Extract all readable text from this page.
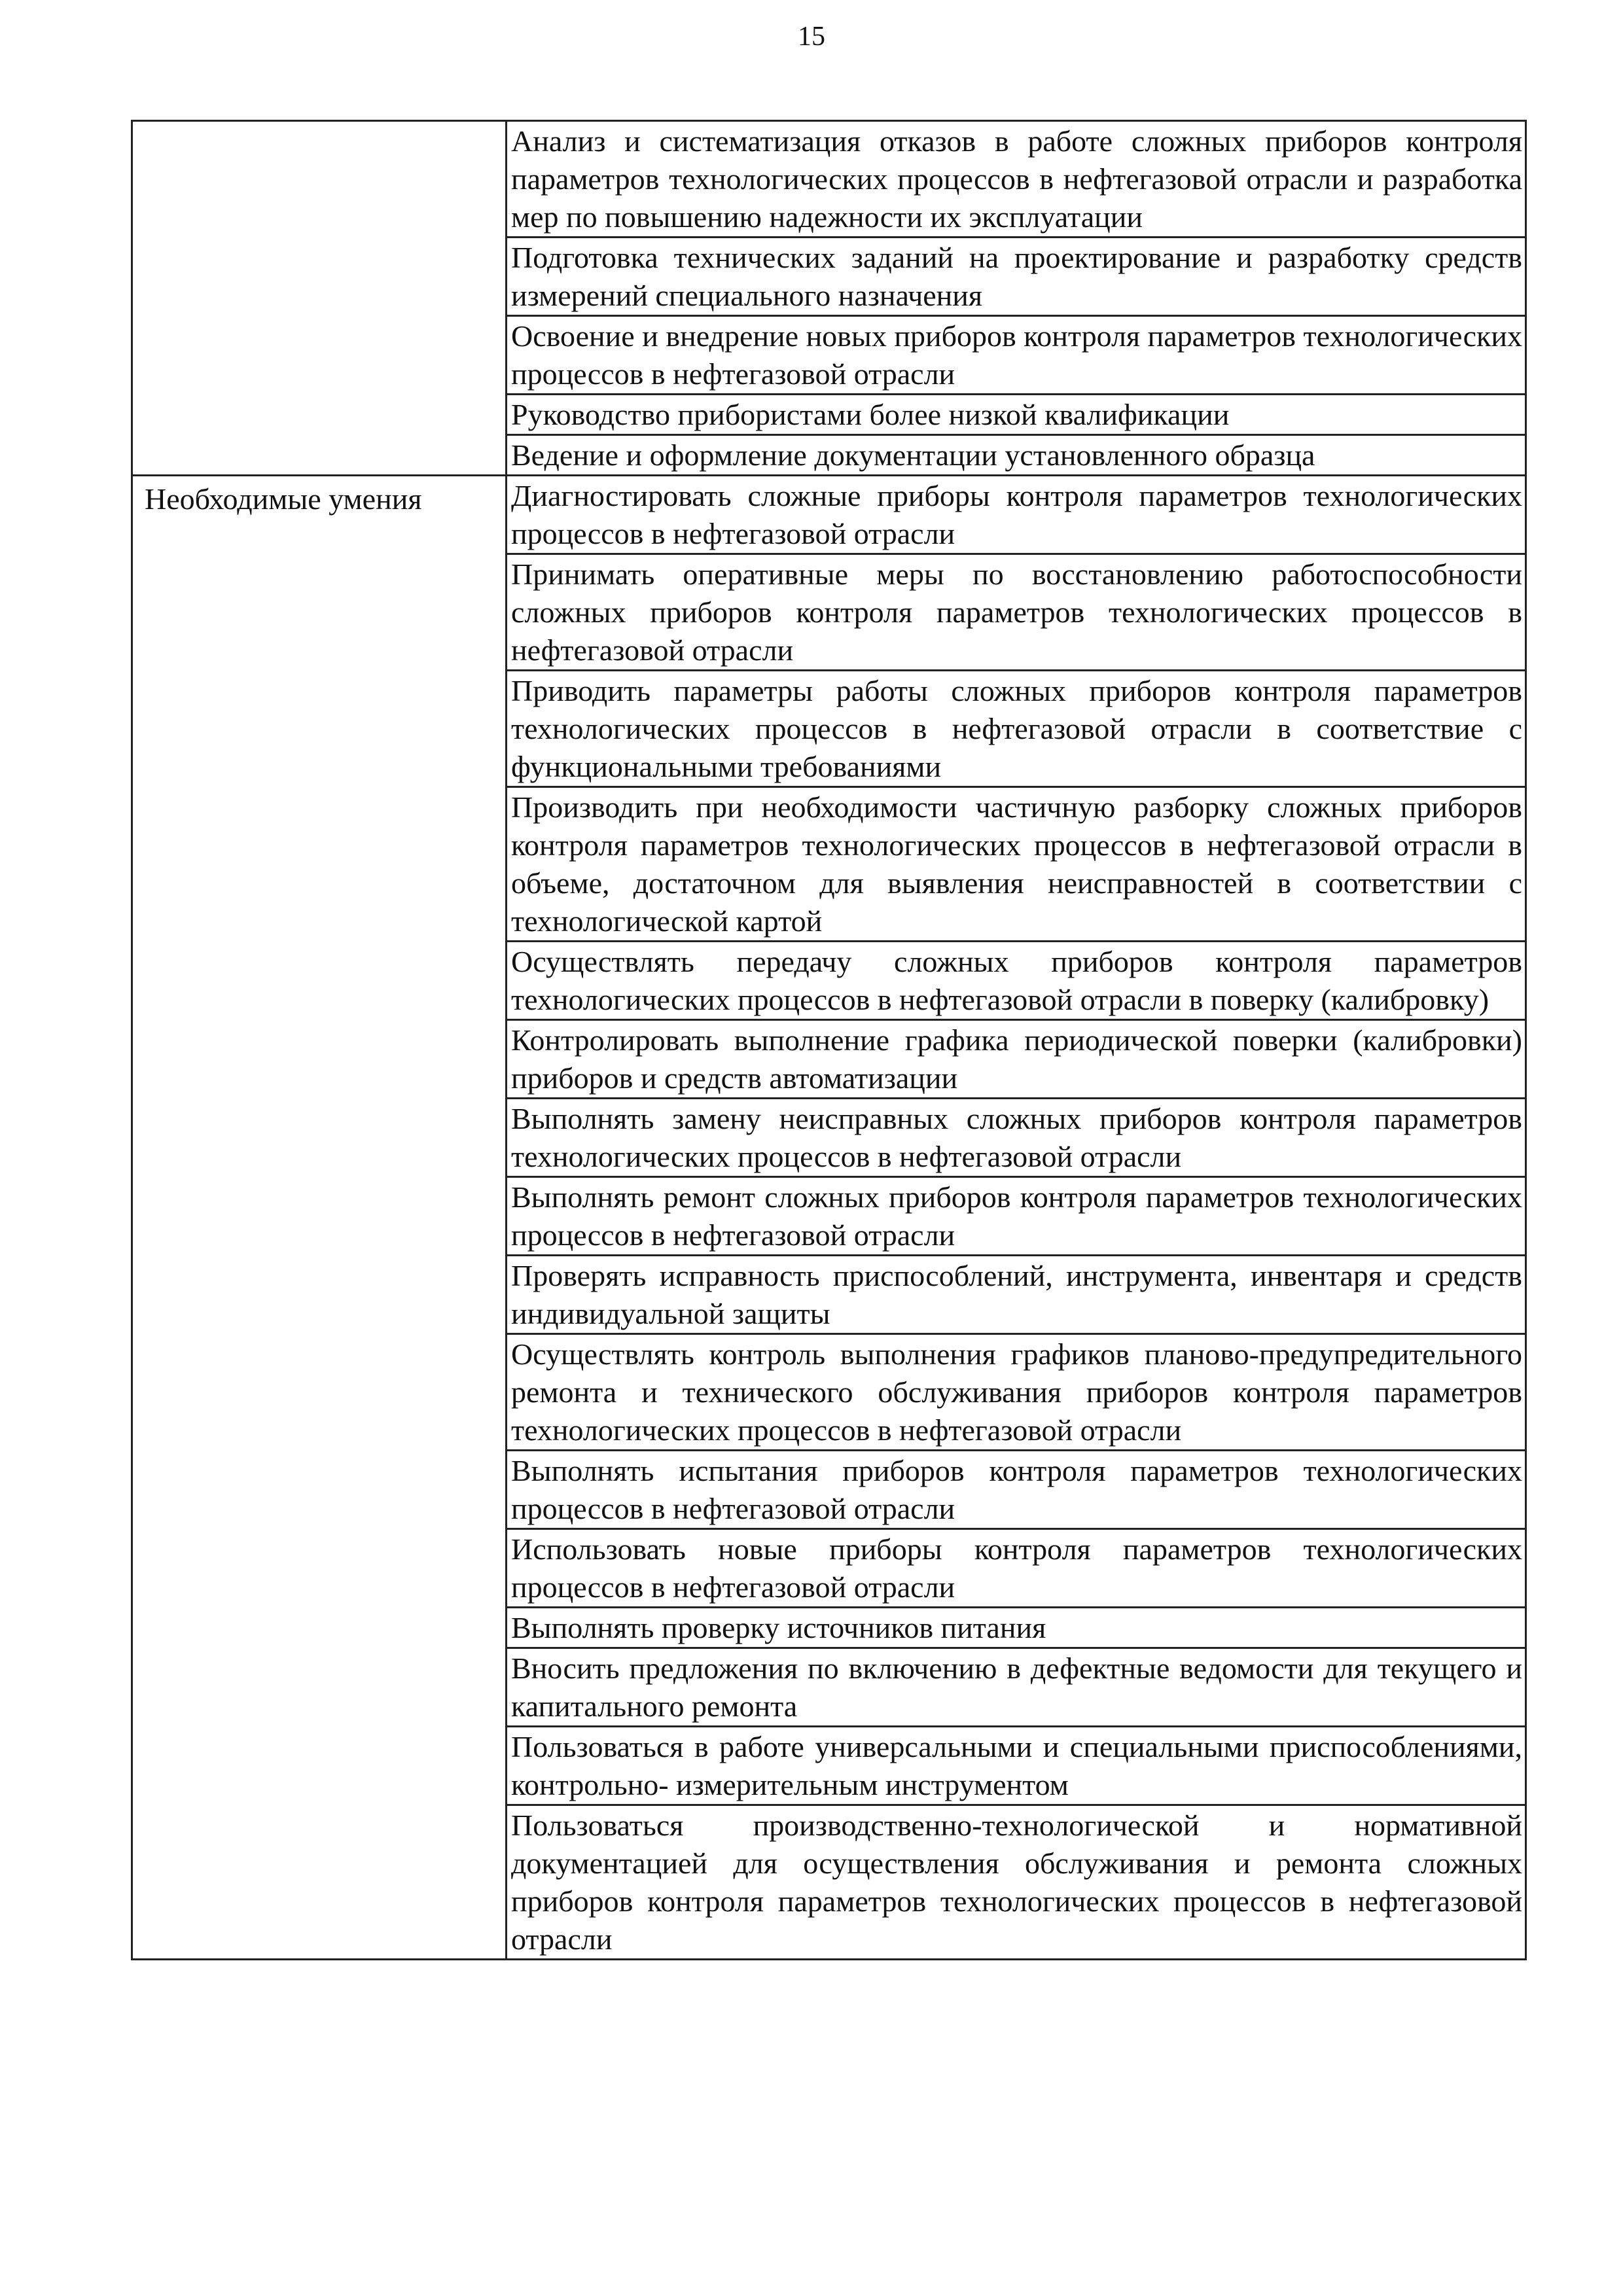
15
	Анализ и систематизация отказов в работе сложных приборов контроля параметров технологических процессов в нефтегазовой отрасли и разработка мер по повышению надежности их эксплуатации
	Подготовка технических заданий на проектирование и разработку средств измерений специального назначения
	Освоение и внедрение новых приборов контроля параметров технологических процессов в нефтегазовой отрасли
	Руководство прибористами более низкой квалификации
	Ведение и оформление документации установленного образца
Необходимые умения	Диагностировать сложные приборы контроля параметров технологических процессов в нефтегазовой отрасли
	Принимать оперативные меры по восстановлению работоспособности сложных приборов контроля параметров технологических процессов в нефтегазовой отрасли
	Приводить параметры работы сложных приборов контроля параметров технологических процессов в нефтегазовой отрасли в соответствие с функциональными требованиями
	Производить при необходимости частичную разборку сложных приборов контроля параметров технологических процессов в нефтегазовой отрасли в объеме, достаточном для выявления неисправностей в соответствии с технологической картой
	Осуществлять передачу сложных приборов контроля параметров технологических процессов в нефтегазовой отрасли в поверку (калибровку)
	Контролировать выполнение графика периодической поверки (калибровки) приборов и средств автоматизации
	Выполнять замену неисправных сложных приборов контроля параметров технологических процессов в нефтегазовой отрасли
	Выполнять ремонт сложных приборов контроля параметров технологических процессов в нефтегазовой отрасли
	Проверять исправность приспособлений, инструмента, инвентаря и средств индивидуальной защиты
	Осуществлять контроль выполнения графиков планово-предупредительного ремонта и технического обслуживания приборов контроля параметров технологических процессов в нефтегазовой отрасли
	Выполнять испытания приборов контроля параметров технологических процессов в нефтегазовой отрасли
	Использовать новые приборы контроля параметров технологических процессов в нефтегазовой отрасли
	Выполнять проверку источников питания
	Вносить предложения по включению в дефектные ведомости для текущего и капитального ремонта
	Пользоваться в работе универсальными и специальными приспособлениями, контрольно- измерительным инструментом
	Пользоваться производственно-технологической и нормативной документацией для осуществления обслуживания и ремонта сложных приборов контроля параметров технологических процессов в нефтегазовой отрасли
